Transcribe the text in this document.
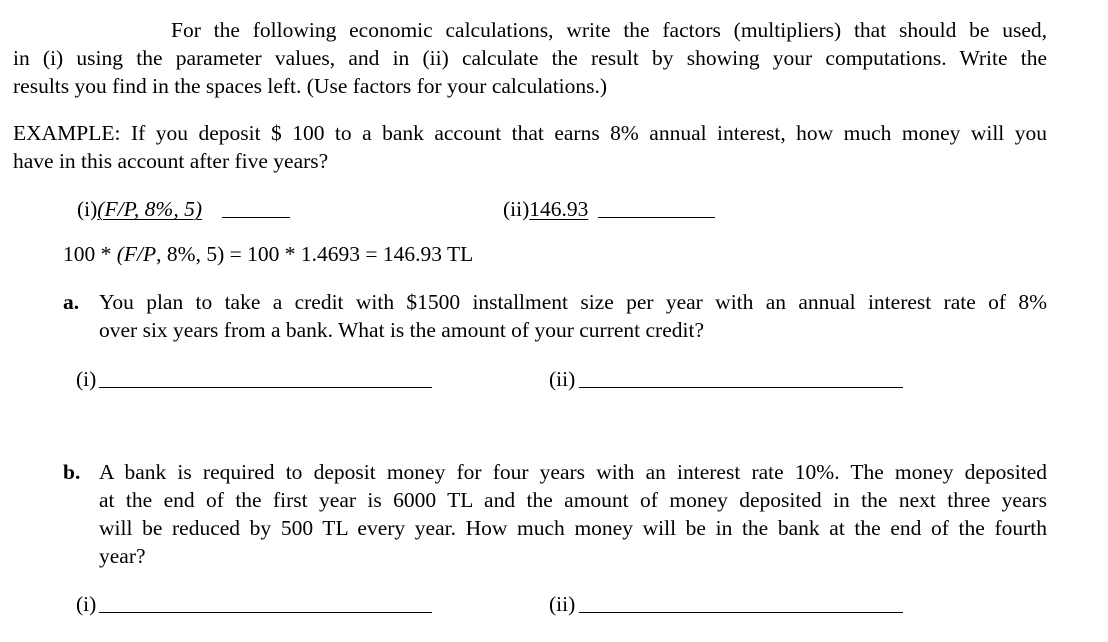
For the following economic calculations, write the factors (multipliers) that should be used,
in (i) using the parameter values, and in (ii) calculate the result by showing your computations. Write the
results you find in the spaces left. (Use factors for your calculations.)
EXAMPLE: If you deposit $ 100 to a bank account that earns 8% annual interest, how much money will you
have in this account after five years?
(i)(F/P, 8%, 5)	(ii)146.93
100 * (F/P, 8%, 5) = 100 * 1.4693 = 146.93 TL
a. You plan to take a credit with $1500 installment size per year with an annual interest rate of 8%
over six years from a bank. What is the amount of your current credit?
(i)	(ii)
b. A bank is required to deposit money for four years with an interest rate 10%. The money deposited
at the end of the first year is 6000 TL and the amount of money deposited in the next three years
will be reduced by 500 TL every year. How much money will be in the bank at the end of the fourth
year?
(i)	(ii)
